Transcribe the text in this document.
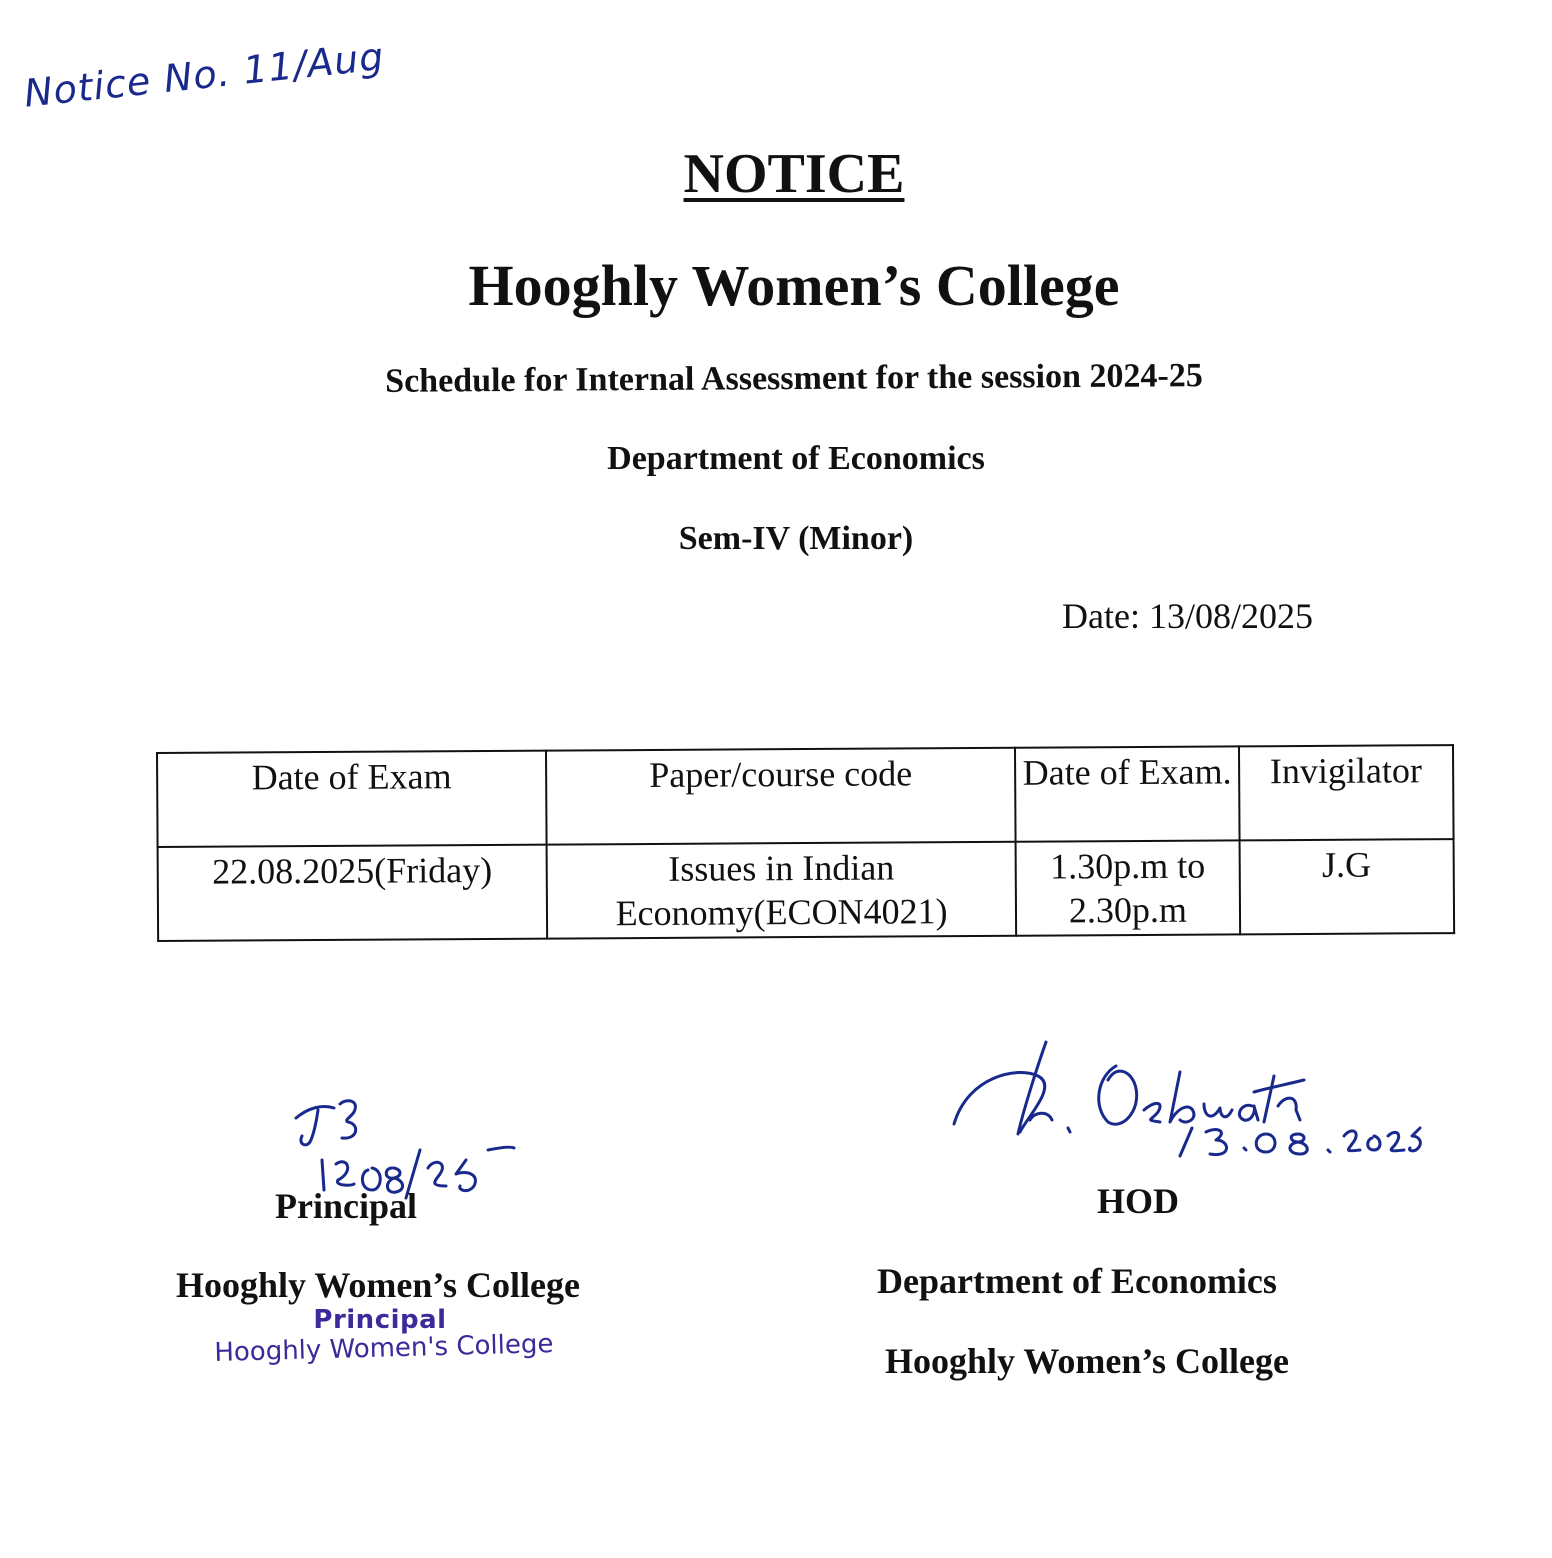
Notice No. 11/Aug
NOTICE
Hooghly Women’s College
Schedule for Internal Assessment for the session 2024-25
Department of Economics
Sem-IV (Minor)
Date: 13/08/2025
Date of Exam	Paper/course code	Date of Exam.	Invigilator
22.08.2025(Friday)	Issues in Indian Economy(ECON4021)	1.30p.m to 2.30p.m	J.G
Principal
Hooghly Women’s College
Principal
Hooghly Women's College
HOD
Department of Economics
Hooghly Women’s College
